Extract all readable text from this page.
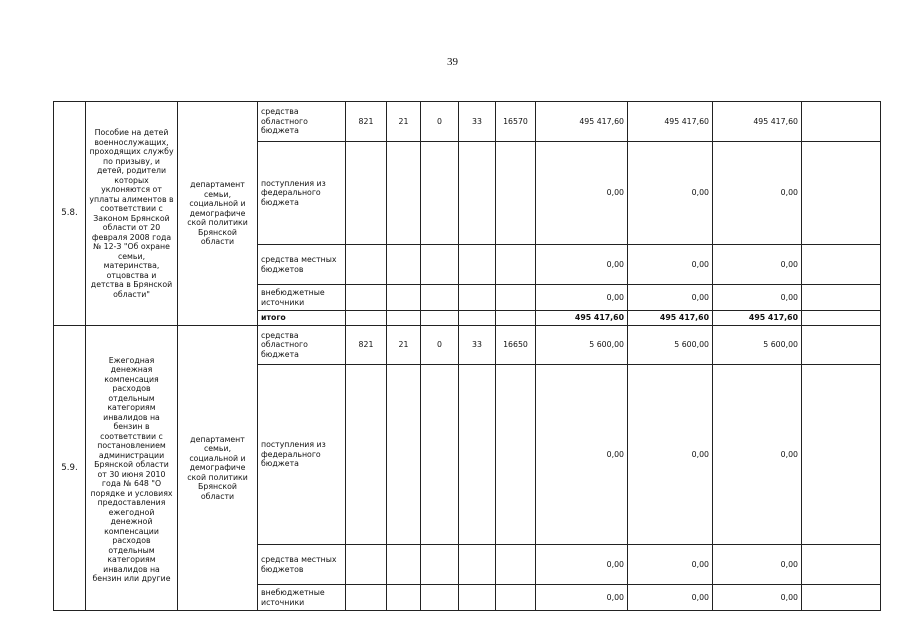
39
5.8.	Пособие на детей военнослужащих, проходящих службу по призыву, и детей, родители которых уклоняются от уплаты алиментов в соответствии с Законом Брянской области от 20 февраля 2008 года № 12-З "Об охране семьи, материнства, отцовства и детства в Брянской области"	департамент семьи, социальной и демографиче ской политики Брянской области	средства областного бюджета	821	21	0	33	16570	495 417,60	495 417,60	495 417,60	
			поступления из федерального бюджета						0,00	0,00	0,00	
			средства местных бюджетов						0,00	0,00	0,00	
			внебюджетные источники						0,00	0,00	0,00	
			итого						495 417,60	495 417,60	495 417,60	
5.9.	Ежегодная денежная компенсация расходов отдельным категориям инвалидов на бензин в соответствии с постановлением администрации Брянской области от 30 июня 2010 года № 648 "О порядке и условиях предоставления ежегодной денежной компенсации расходов отдельным категориям инвалидов на бензин или другие	департамент семьи, социальной и демографиче ской политики Брянской области	средства областного бюджета	821	21	0	33	16650	5 600,00	5 600,00	5 600,00	
			поступления из федерального бюджета						0,00	0,00	0,00	
			средства местных бюджетов						0,00	0,00	0,00	
			внебюджетные источники						0,00	0,00	0,00	
